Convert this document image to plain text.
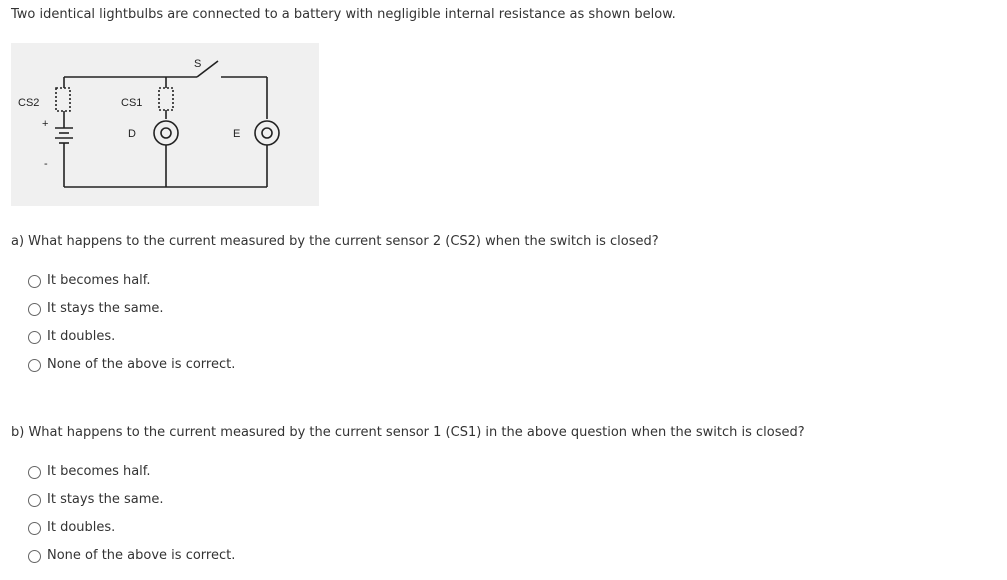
Two identical lightbulbs are connected to a battery with negligible internal resistance as shown below.
S
CS2	CS1
D	E
+
-
a) What happens to the current measured by the current sensor 2 (CS2) when the switch is closed?
It becomes half.
It stays the same.
It doubles.
None of the above is correct.
b) What happens to the current measured by the current sensor 1 (CS1) in the above question when the switch is closed?
It becomes half.
It stays the same.
It doubles.
None of the above is correct.
